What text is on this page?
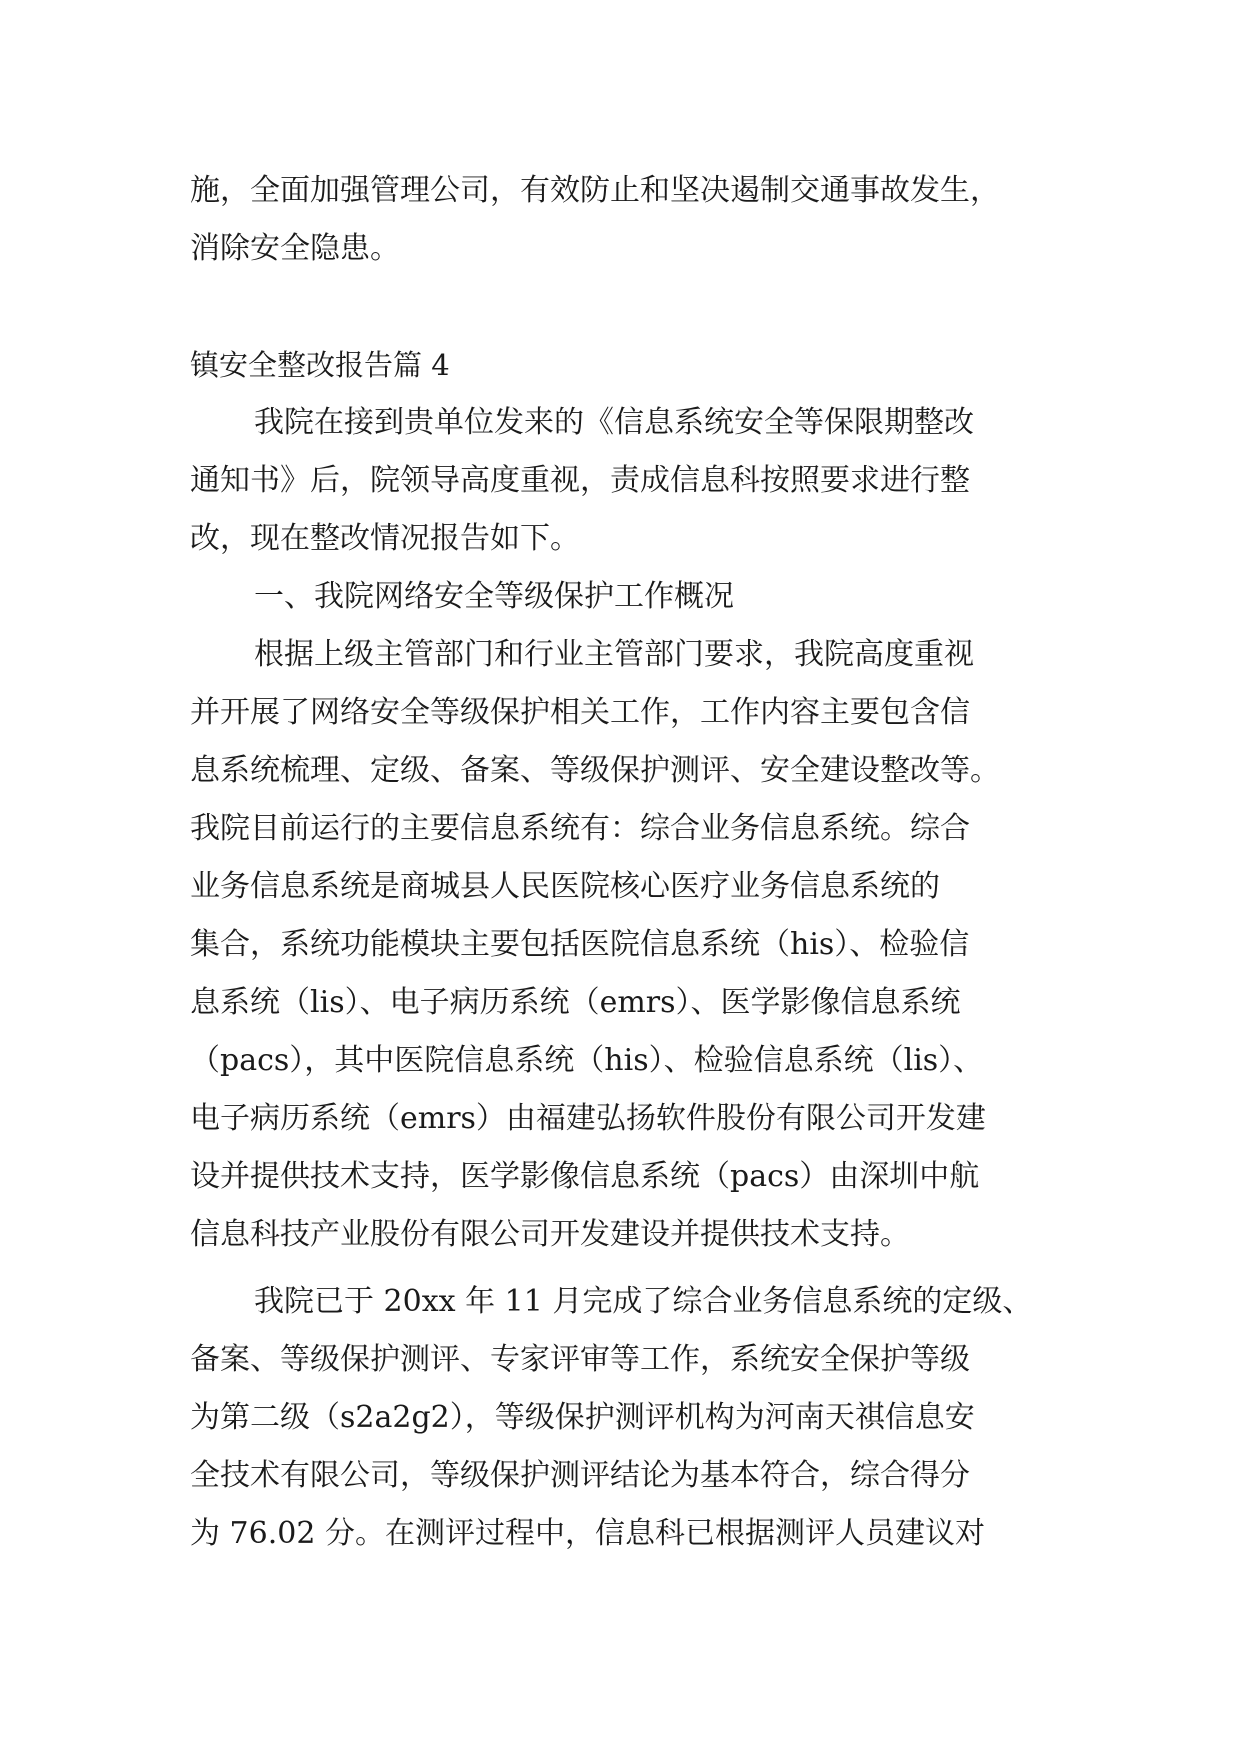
施，全面加强管理公司，有效防止和坚决遏制交通事故发生，
消除安全隐患。
镇安全整改报告篇 4
我院在接到贵单位发来的《信息系统安全等保限期整改
通知书》后，院领导高度重视，责成信息科按照要求进行整
改，现在整改情况报告如下。
一、我院网络安全等级保护工作概况
根据上级主管部门和行业主管部门要求，我院高度重视
并开展了网络安全等级保护相关工作，工作内容主要包含信
息系统梳理、定级、备案、等级保护测评、安全建设整改等。
我院目前运行的主要信息系统有：综合业务信息系统。综合
业务信息系统是商城县人民医院核心医疗业务信息系统的
集合，系统功能模块主要包括医院信息系统（his）、检验信
息系统（lis）、电子病历系统（emrs）、医学影像信息系统
（pacs），其中医院信息系统（his）、检验信息系统（lis）、
电子病历系统（emrs）由福建弘扬软件股份有限公司开发建
设并提供技术支持，医学影像信息系统（pacs）由深圳中航
信息科技产业股份有限公司开发建设并提供技术支持。
我院已于 20xx 年 11 月完成了综合业务信息系统的定级、
备案、等级保护测评、专家评审等工作，系统安全保护等级
为第二级（s2a2g2），等级保护测评机构为河南天祺信息安
全技术有限公司，等级保护测评结论为基本符合，综合得分
为 76.02 分。在测评过程中，信息科已根据测评人员建议对
